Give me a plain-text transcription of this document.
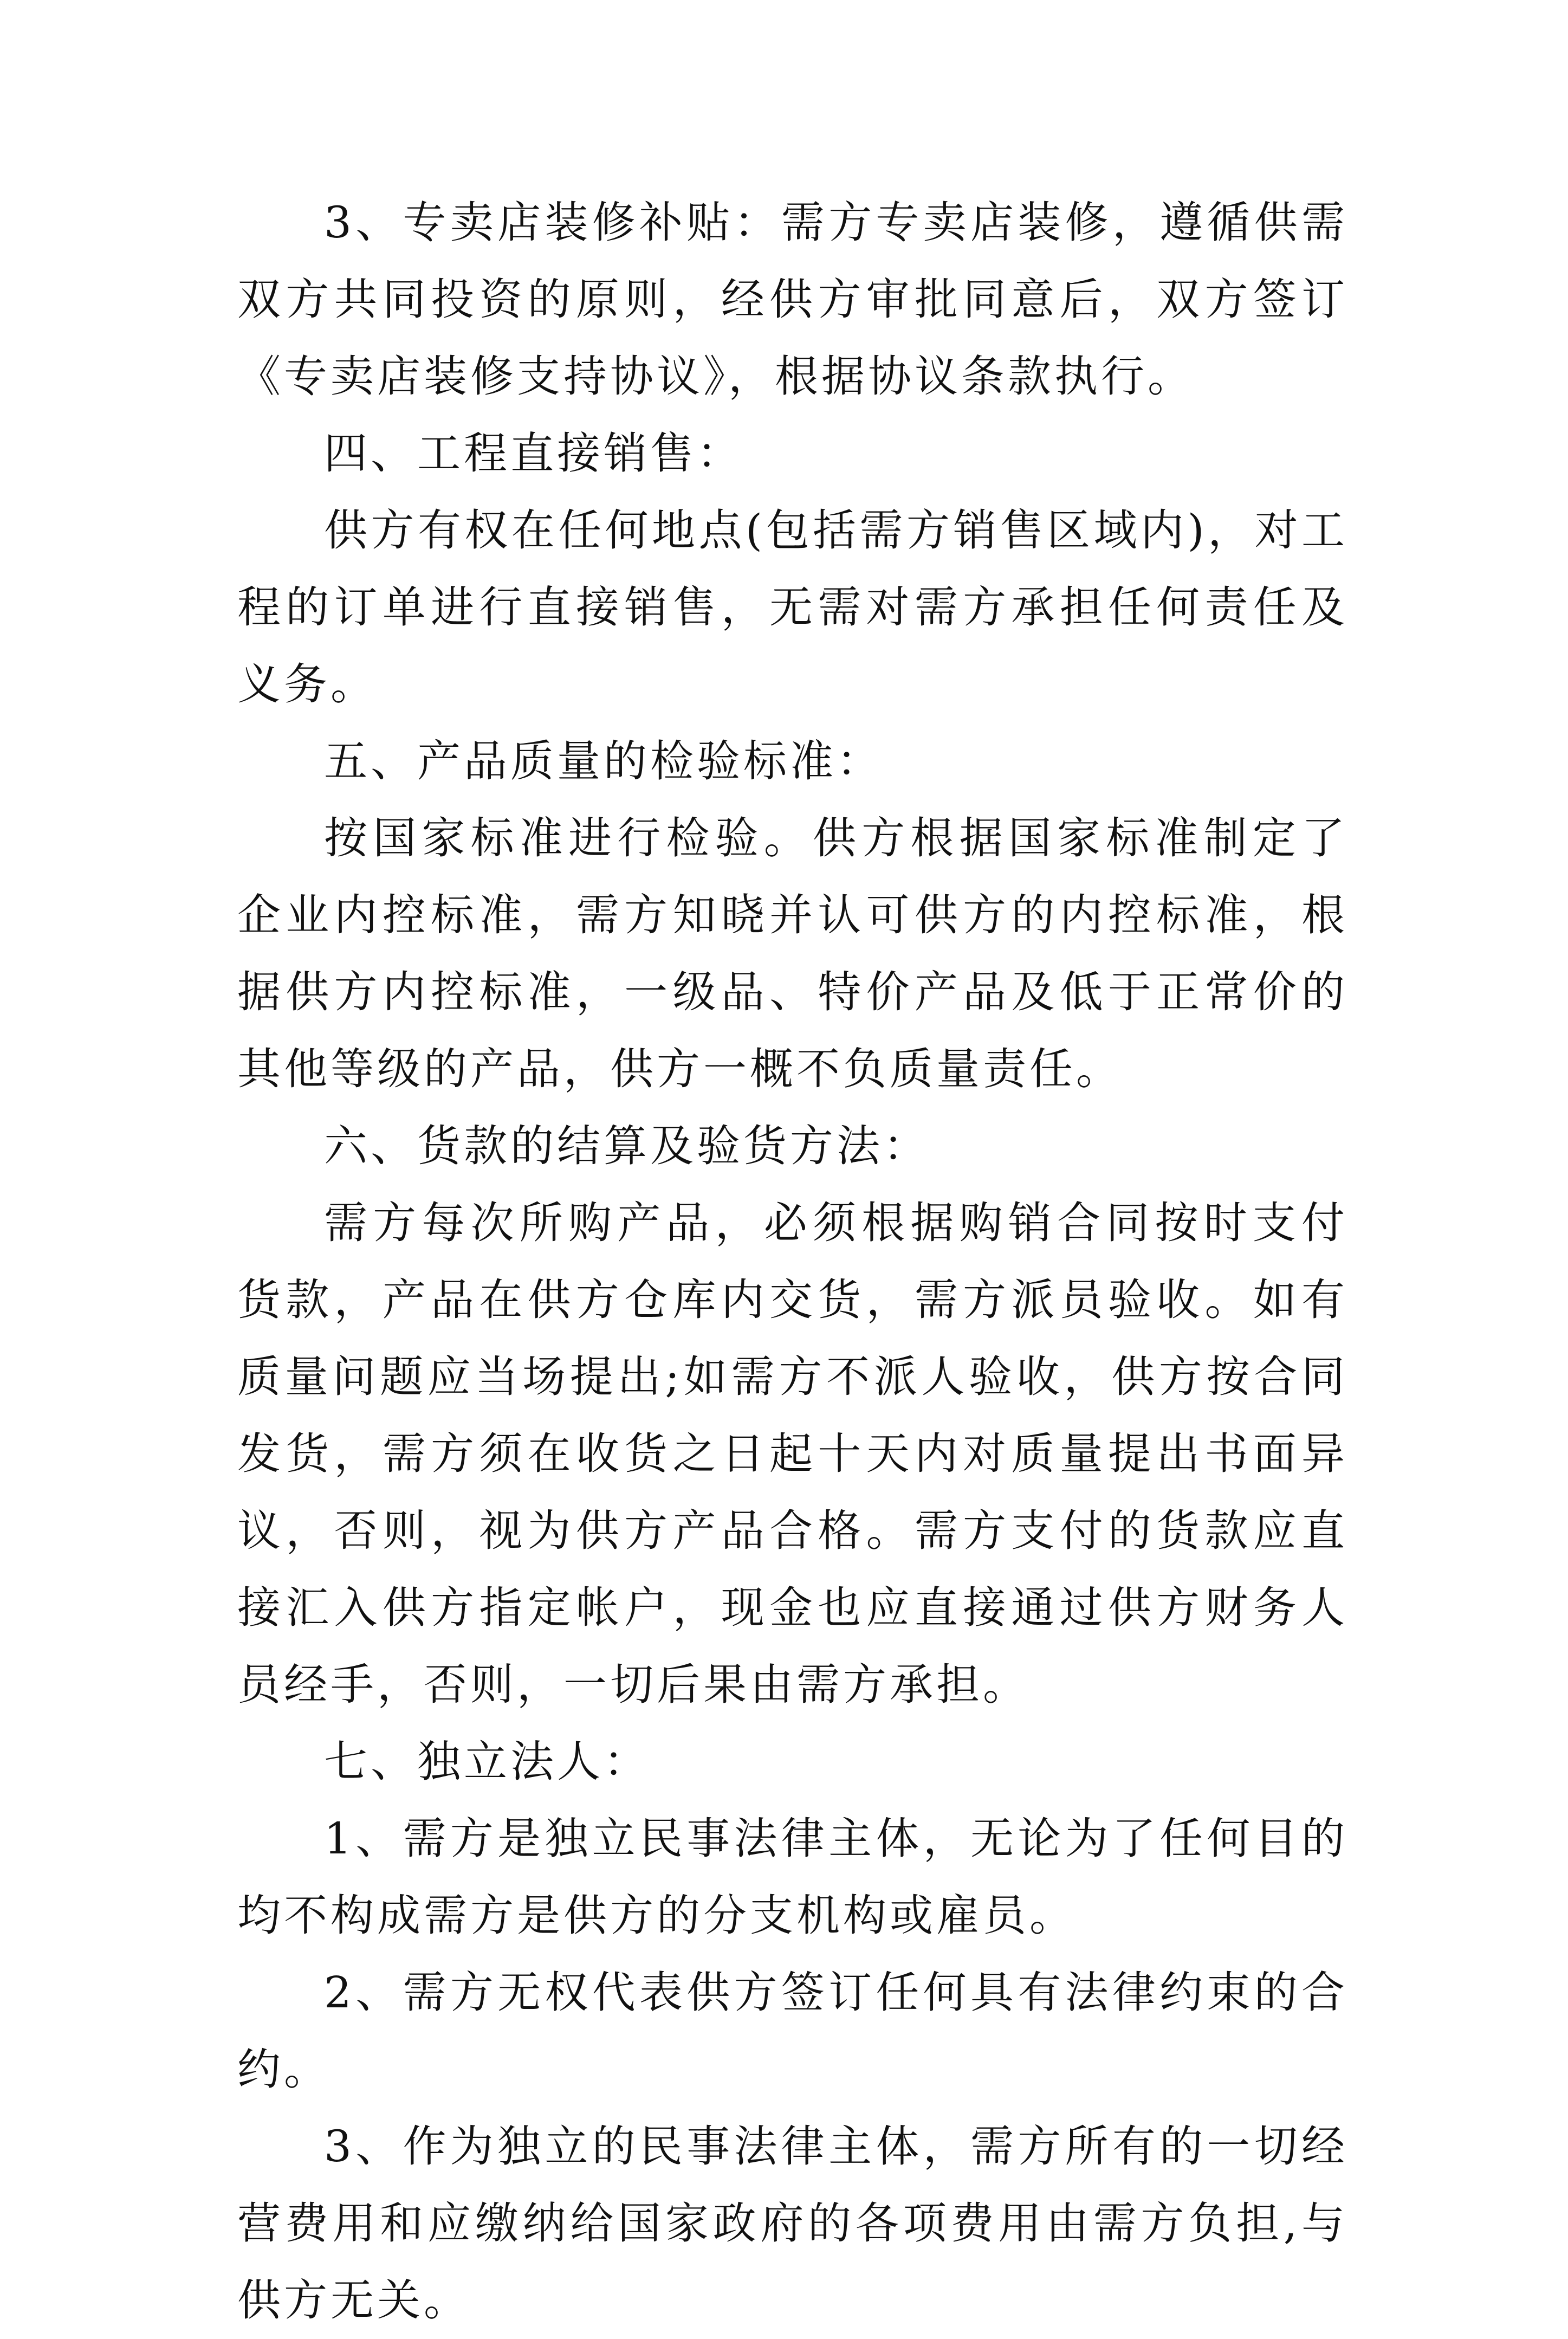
3、专卖店装修补贴：需方专卖店装修，遵循供需双方共同投资的原则，经供方审批同意后，双方签订《专卖店装修支持协议》，根据协议条款执行。

四、工程直接销售：

供方有权在任何地点(包括需方销售区域内)，对工程的订单进行直接销售，无需对需方承担任何责任及义务。

五、产品质量的检验标准：

按国家标准进行检验。供方根据国家标准制定了企业内控标准，需方知晓并认可供方的内控标准，根据供方内控标准，一级品、特价产品及低于正常价的其他等级的产品，供方一概不负质量责任。

六、货款的结算及验货方法：

需方每次所购产品，必须根据购销合同按时支付货款，产品在供方仓库内交货，需方派员验收。如有质量问题应当场提出;如需方不派人验收，供方按合同发货，需方须在收货之日起十天内对质量提出书面异议，否则，视为供方产品合格。需方支付的货款应直接汇入供方指定帐户，现金也应直接通过供方财务人员经手，否则，一切后果由需方承担。

七、独立法人：

1、需方是独立民事法律主体，无论为了任何目的均不构成需方是供方的分支机构或雇员。

2、需方无权代表供方签订任何具有法律约束的合约。

3、作为独立的民事法律主体，需方所有的一切经营费用和应缴纳给国家政府的各项费用由需方负担,与供方无关。
